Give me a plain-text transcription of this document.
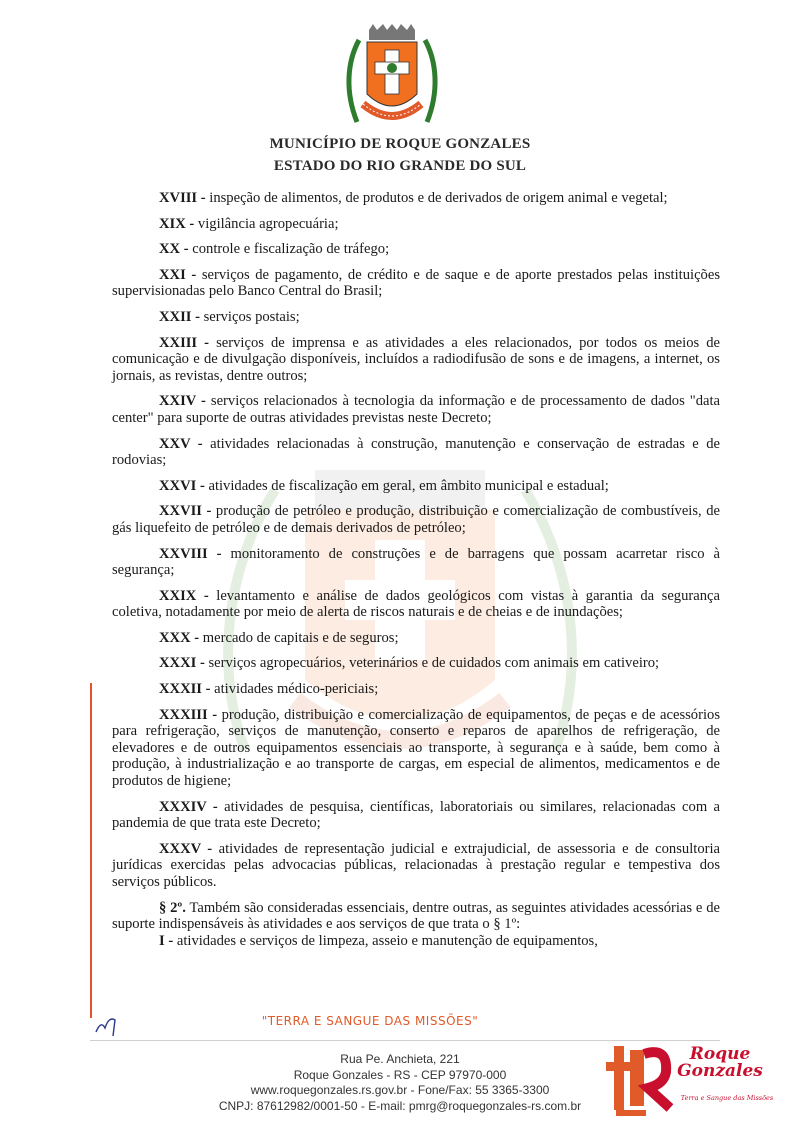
MUNICÍPIO DE ROQUE GONZALES
ESTADO DO RIO GRANDE DO SUL

XVIII - inspeção de alimentos, de produtos e de derivados de origem animal e vegetal;

XIX - vigilância agropecuária;

XX - controle e fiscalização de tráfego;

XXI - serviços de pagamento, de crédito e de saque e de aporte prestados pelas instituições supervisionadas pelo Banco Central do Brasil;

XXII - serviços postais;

XXIII - serviços de imprensa e as atividades a eles relacionados, por todos os meios de comunicação e de divulgação disponíveis, incluídos a radiodifusão de sons e de imagens, a internet, os jornais, as revistas, dentre outros;

XXIV - serviços relacionados à tecnologia da informação e de processamento de dados "data center" para suporte de outras atividades previstas neste Decreto;

XXV - atividades relacionadas à construção, manutenção e conservação de estradas e de rodovias;

XXVI - atividades de fiscalização em geral, em âmbito municipal e estadual;

XXVII - produção de petróleo e produção, distribuição e comercialização de combustíveis, de gás liquefeito de petróleo e de demais derivados de petróleo;

XXVIII - monitoramento de construções e de barragens que possam acarretar risco à segurança;

XXIX - levantamento e análise de dados geológicos com vistas à garantia da segurança coletiva, notadamente por meio de alerta de riscos naturais e de cheias e de inundações;

XXX - mercado de capitais e de seguros;

XXXI - serviços agropecuários, veterinários e de cuidados com animais em cativeiro;

XXXII - atividades médico-periciais;

XXXIII - produção, distribuição e comercialização de equipamentos, de peças e de acessórios para refrigeração, serviços de manutenção, conserto e reparos de aparelhos de refrigeração, de elevadores e de outros equipamentos essenciais ao transporte, à segurança e à saúde, bem como à produção, à industrialização e ao transporte de cargas, em especial de alimentos, medicamentos e de produtos de higiene;

XXXIV - atividades de pesquisa, científicas, laboratoriais ou similares, relacionadas com a pandemia de que trata este Decreto;

XXXV - atividades de representação judicial e extrajudicial, de assessoria e de consultoria jurídicas exercidas pelas advocacias públicas, relacionadas à prestação regular e tempestiva dos serviços públicos.

§ 2º. Também são consideradas essenciais, dentre outras, as seguintes atividades acessórias e de suporte indispensáveis às atividades e aos serviços de que trata o § 1º:

I - atividades e serviços de limpeza, asseio e manutenção de equipamentos,

"TERRA E SANGUE DAS MISSÕES"
Rua Pe. Anchieta, 221
Roque Gonzales - RS - CEP 97970-000
www.roquegonzales.rs.gov.br - Fone/Fax: 55 3365-3300
CNPJ: 87612982/0001-50 - E-mail: pmrg@roquegonzales-rs.com.br
Roque
Gonzales
Terra e Sangue das Missões
